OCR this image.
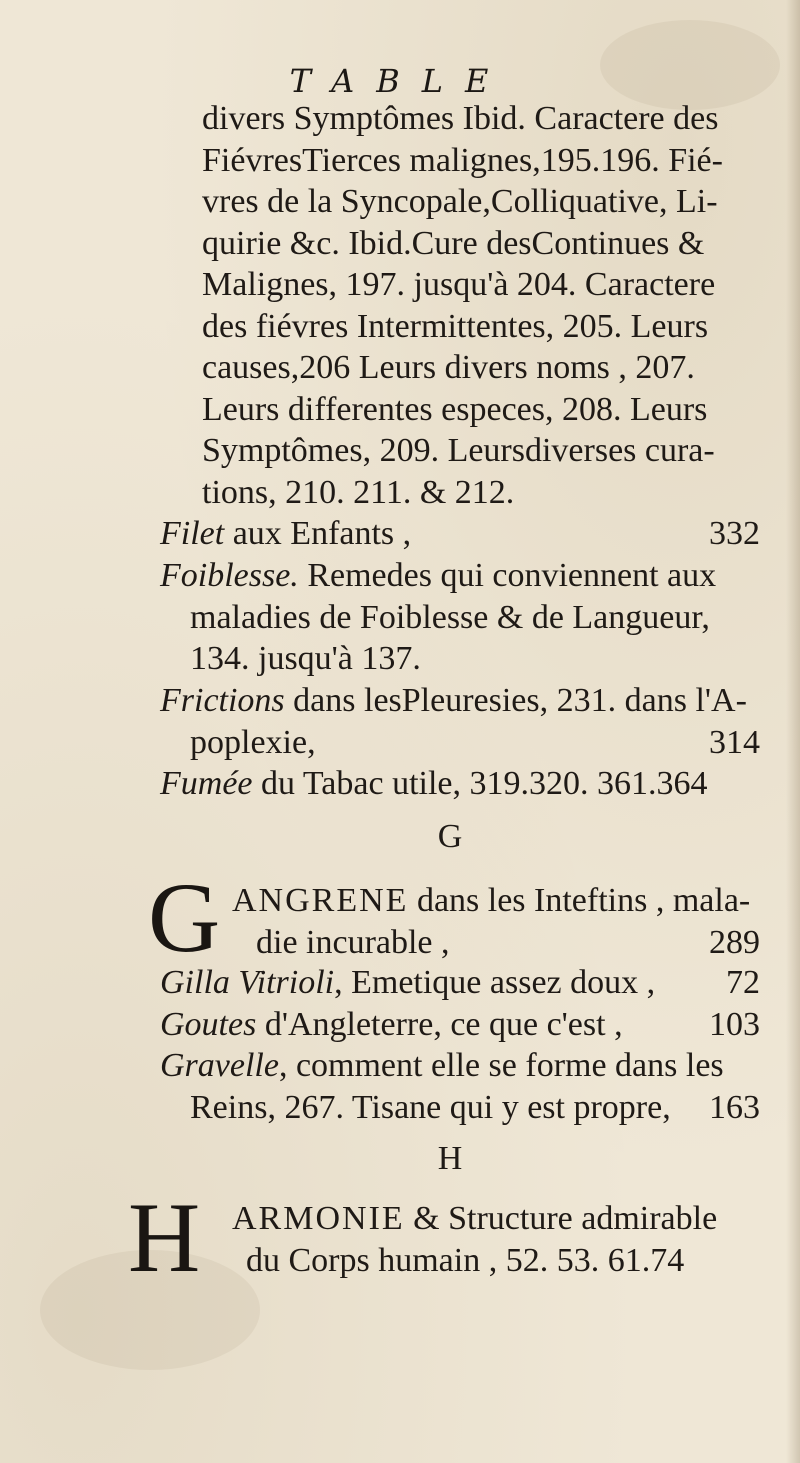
TABLE
divers Symptômes Ibid. Caractere des
FiévresTierces malignes,195.196. Fié-
vres de la Syncopale,Colliquative, Li-
quirie &c. Ibid.Cure desContinues &
Malignes, 197. jusqu'à 204. Caractere
des fiévres Intermittentes, 205. Leurs
causes,206 Leurs divers noms , 207.
Leurs differentes especes, 208. Leurs
Symptômes, 209. Leursdiverses cura-
tions, 210. 211. & 212.
Filet aux Enfants ,	332
Foiblesse. Remedes qui conviennent aux
maladies de Foiblesse & de Langueur,
134. jusqu'à 137.
Frictions dans lesPleuresies, 231. dans l'A-
poplexie,	314
Fumée du Tabac utile, 319.320. 361.364
G
G ANGRENE dans les Inteftins , mala-
die incurable ,	289
Gilla Vitrioli, Emetique assez doux , 72
Goutes d'Angleterre, ce que c'est ,	103
Gravelle, comment elle se forme dans les
Reins, 267. Tisane qui y est propre, 163
H
H ARMONIE & Structure admirable
du Corps humain , 52. 53. 61.74
